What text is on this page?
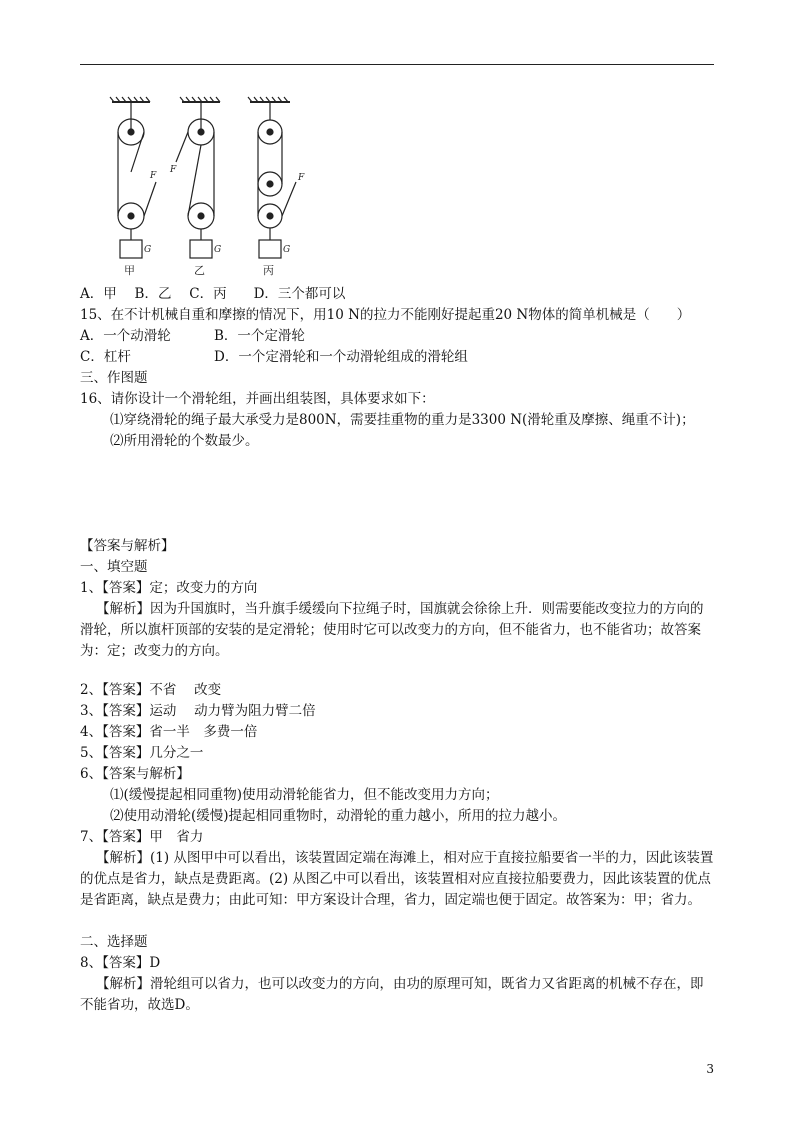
G	G	G
F
F
F
甲	乙	丙
A．甲　 B．乙　 C．丙　　D．三个都可以
15、在不计机械自重和摩擦的情况下，用10 N的拉力不能刚好提起重20 N物体的简单机械是（　　）
A．一个动滑轮	B．一个定滑轮
C．杠杆	D．一个定滑轮和一个动滑轮组成的滑轮组
三、作图题
16、请你设计一个滑轮组，并画出组装图，具体要求如下：
⑴穿绕滑轮的绳子最大承受力是800N，需要挂重物的重力是3300 N(滑轮重及摩擦、绳重不计)；
⑵所用滑轮的个数最少。
【答案与解析】
一、填空题
1、【答案】定；改变力的方向

【解析】因为升国旗时，当升旗手缓缓向下拉绳子时，国旗就会徐徐上升．则需要能改变拉力的方向的滑轮，所以旗杆顶部的安装的是定滑轮；使用时它可以改变力的方向，但不能省力，也不能省功；故答案为：定；改变力的方向。

2、【答案】不省　 改变
3、【答案】运动　 动力臂为阻力臂二倍
4、【答案】省一半　多费一倍
5、【答案】几分之一
6、【答案与解析】
⑴(缓慢提起相同重物)使用动滑轮能省力，但不能改变用力方向；
⑵使用动滑轮(缓慢)提起相同重物时，动滑轮的重力越小，所用的拉力越小。
7、【答案】甲　省力

【解析】(1) 从图甲中可以看出，该装置固定端在海滩上，相对应于直接拉船要省一半的力，因此该装置的优点是省力，缺点是费距离。(2) 从图乙中可以看出，该装置相对应直接拉船要费力，因此该装置的优点是省距离，缺点是费力；由此可知：甲方案设计合理，省力，固定端也便于固定。故答案为：甲；省力。

二、选择题
8、【答案】D

【解析】滑轮组可以省力，也可以改变力的方向，由功的原理可知，既省力又省距离的机械不存在，即不能省功，故选D。

3
